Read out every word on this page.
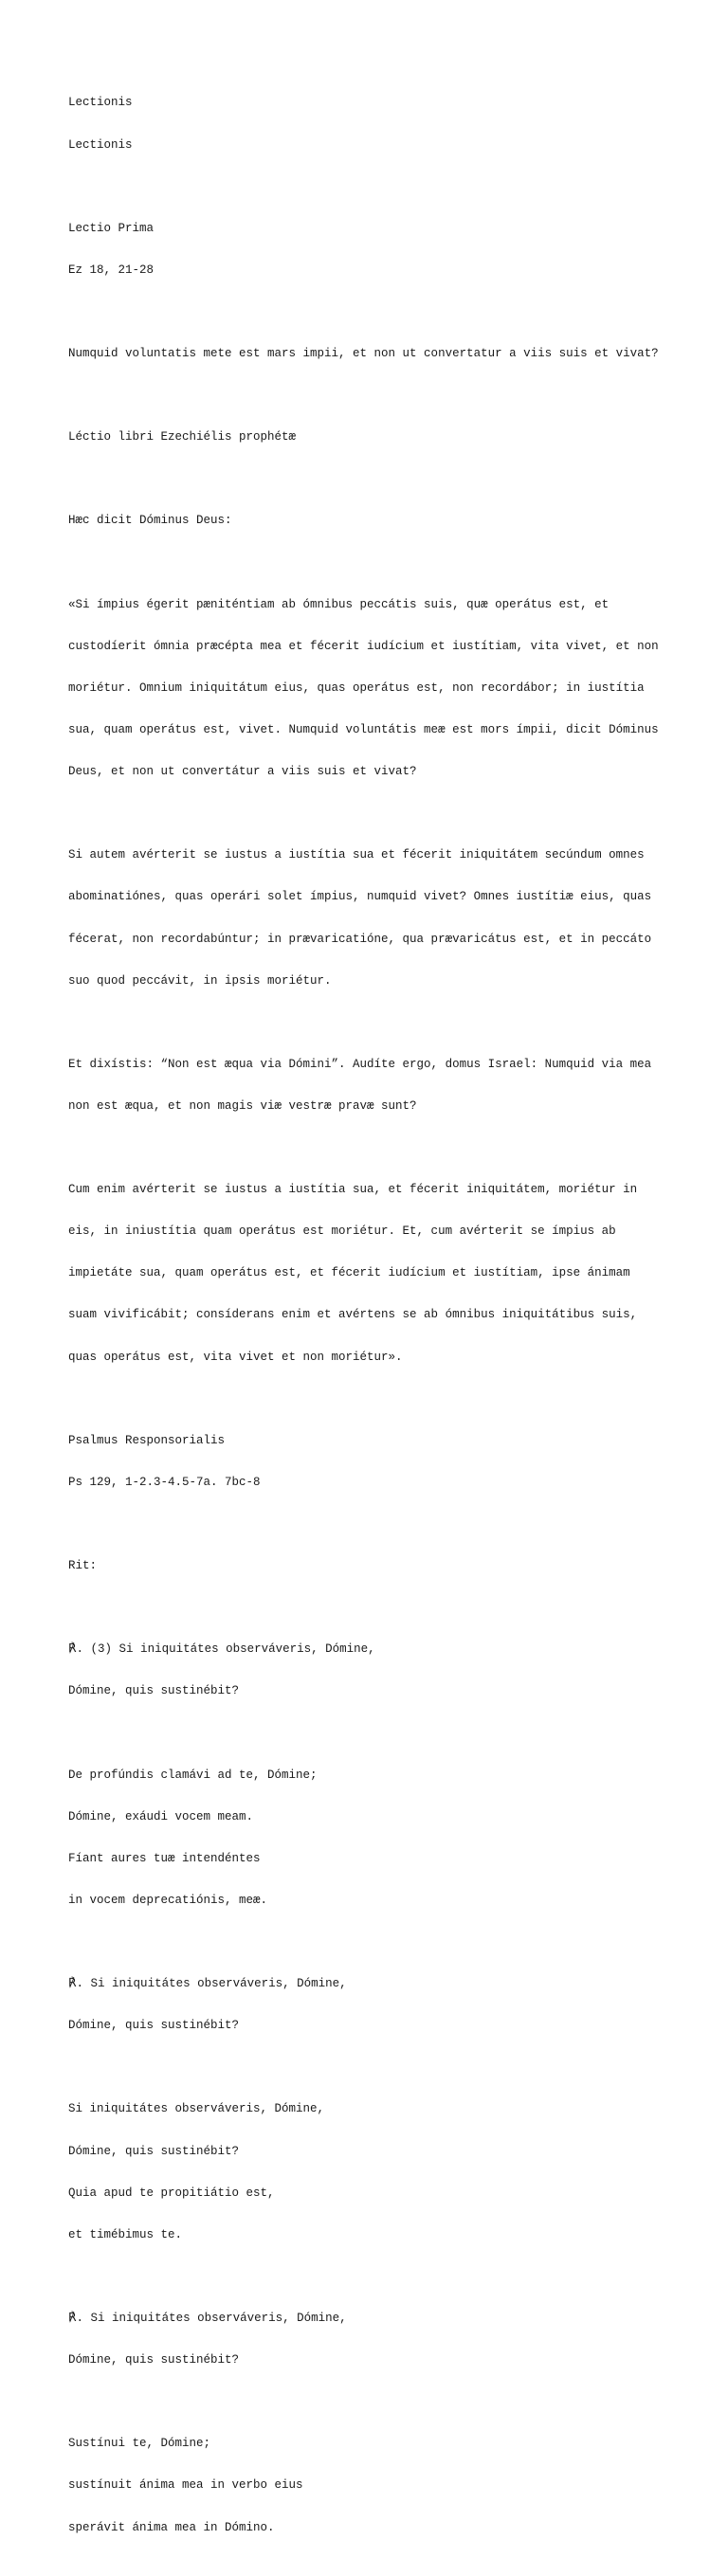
Lectionis

Lectionis

Lectio Prima

Ez 18, 21-28

Numquid voluntatis mete est mars impii, et non ut convertatur a viis suis et vivat?

Léctio libri Ezechiélis prophétæ

Hæc dicit Dóminus Deus:

«Si ímpius égerit pæniténtiam ab ómnibus peccátis suis, quæ operátus est, et

custodíerit ómnia præcépta mea et fécerit iudícium et iustítiam, vita vivet, et non

moriétur. Omnium iniquitátum eius, quas operátus est, non recordábor; in iustítia

sua, quam operátus est, vivet. Numquid voluntátis meæ est mors ímpii, dicit Dóminus

Deus, et non ut convertátur a viis suis et vivat?

Si autem avérterit se iustus a iustítia sua et fécerit iniquitátem secúndum omnes

abominatiónes, quas operári solet ímpius, numquid vivet? Omnes iustítiæ eius, quas

fécerat, non recordabúntur; in prævaricatióne, qua prævaricátus est, et in peccáto

suo quod peccávit, in ipsis moriétur.

Et dixístis: “Non est æqua via Dómini”. Audíte ergo, domus Israel: Numquid via mea

non est æqua, et non magis viæ vestræ pravæ sunt?

Cum enim avérterit se iustus a iustítia sua, et fécerit iniquitátem, moriétur in

eis, in iniustítia quam operátus est moriétur. Et, cum avérterit se ímpius ab

impietáte sua, quam operátus est, et fécerit iudícium et iustítiam, ipse ánimam

suam vivificábit; consíderans enim et avértens se ab ómnibus iniquitátibus suis,

quas operátus est, vita vivet et non moriétur».

Psalmus Responsorialis

Ps 129, 1-2.3-4.5-7a. 7bc-8

Rit:

℟. (3) Si iniquitátes observáveris, Dómine,

Dómine, quis sustinébit?

De profúndis clamávi ad te, Dómine;

Dómine, exáudi vocem meam.

Fíant aures tuæ intendéntes

in vocem deprecatiónis, meæ.

℟. Si iniquitátes observáveris, Dómine,

Dómine, quis sustinébit?

Si iniquitátes observáveris, Dómine,

Dómine, quis sustinébit?

Quia apud te propitiátio est,

et timébimus te.

℟. Si iniquitátes observáveris, Dómine,

Dómine, quis sustinébit?

Sustínui te, Dómine;

sustínuit ánima mea in verbo eius

sperávit ánima mea in Dómino.
